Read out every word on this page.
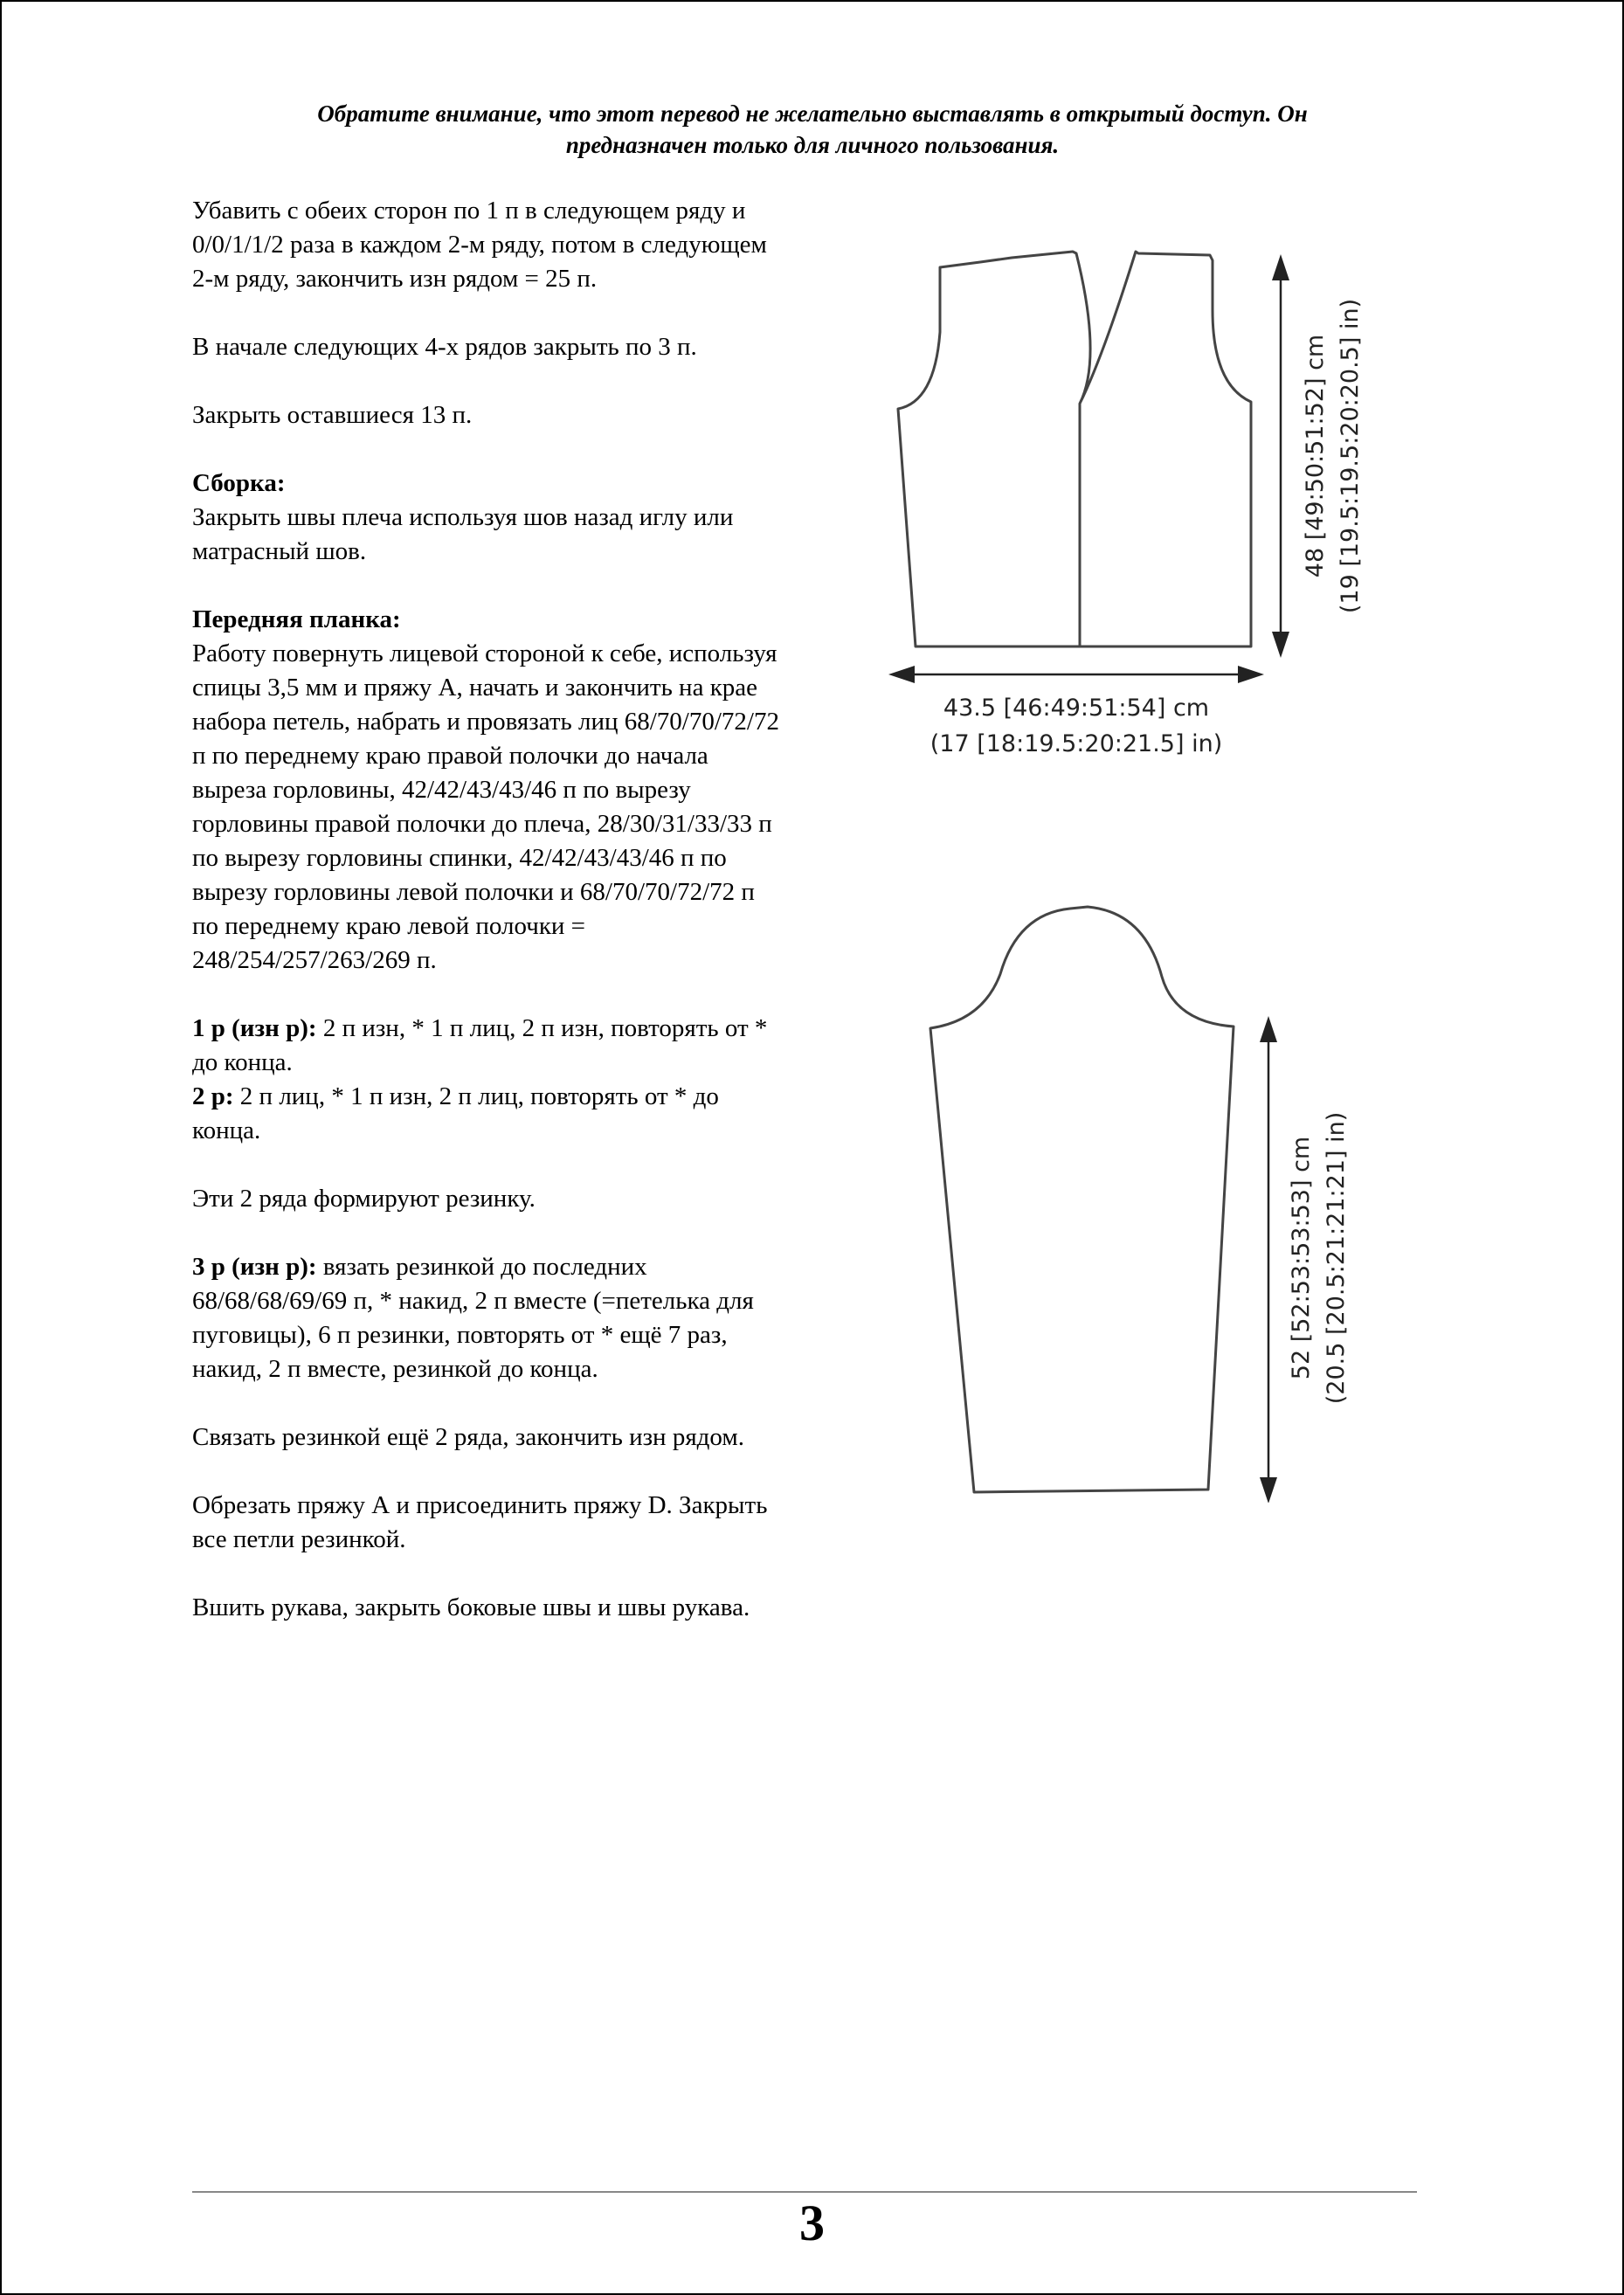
Обратите внимание, что этот перевод не желательно выставлять в открытый доступ. Он
предназначен только для личного пользования.

Убавить с обеих сторон по 1 п в следующем ряду и 0/0/1/1/2 раза в каждом 2-м ряду, потом в следующем 2-м ряду, закончить изн рядом = 25 п.

В начале следующих 4-х рядов закрыть по 3 п.

Закрыть оставшиеся 13 п.

Сборка:
Закрыть швы плеча используя шов назад иглу или матрасный шов.

Передняя планка:
Работу повернуть лицевой стороной к себе, используя спицы 3,5 мм и пряжу А, начать и закончить на крае набора петель, набрать и провязать лиц 68/70/70/72/72 п по переднему краю правой полочки до начала выреза горловины, 42/42/43/43/46 п по вырезу горловины правой полочки до плеча, 28/30/31/33/33 п по вырезу горловины спинки, 42/42/43/43/46 п по вырезу горловины левой полочки и 68/70/70/72/72 п по переднему краю левой полочки = 248/254/257/263/269 п.

1 р (изн р): 2 п изн, * 1 п лиц, 2 п изн, повторять от * до конца.

2 р: 2 п лиц, * 1 п изн, 2 п лиц, повторять от * до конца.

Эти 2 ряда формируют резинку.

3 р (изн р): вязать резинкой до последних 68/68/68/69/69 п, * накид, 2 п вместе (=петелька для пуговицы), 6 п резинки, повторять от * ещё 7 раз, накид, 2 п вместе, резинкой до конца.

Связать резинкой ещё 2 ряда, закончить изн рядом.

Обрезать пряжу А и присоединить пряжу D. Закрыть все петли резинкой.

Вшить рукава, закрыть боковые швы и швы рукава.

48 [49:50:51:52] cm (19 [19.5:19.5:20:20.5] in)
43.5 [46:49:51:54] cm
(17 [18:19.5:20:21.5] in)
52 [52:53:53:53] cm (20.5 [20.5:21:21:21] in)
3
